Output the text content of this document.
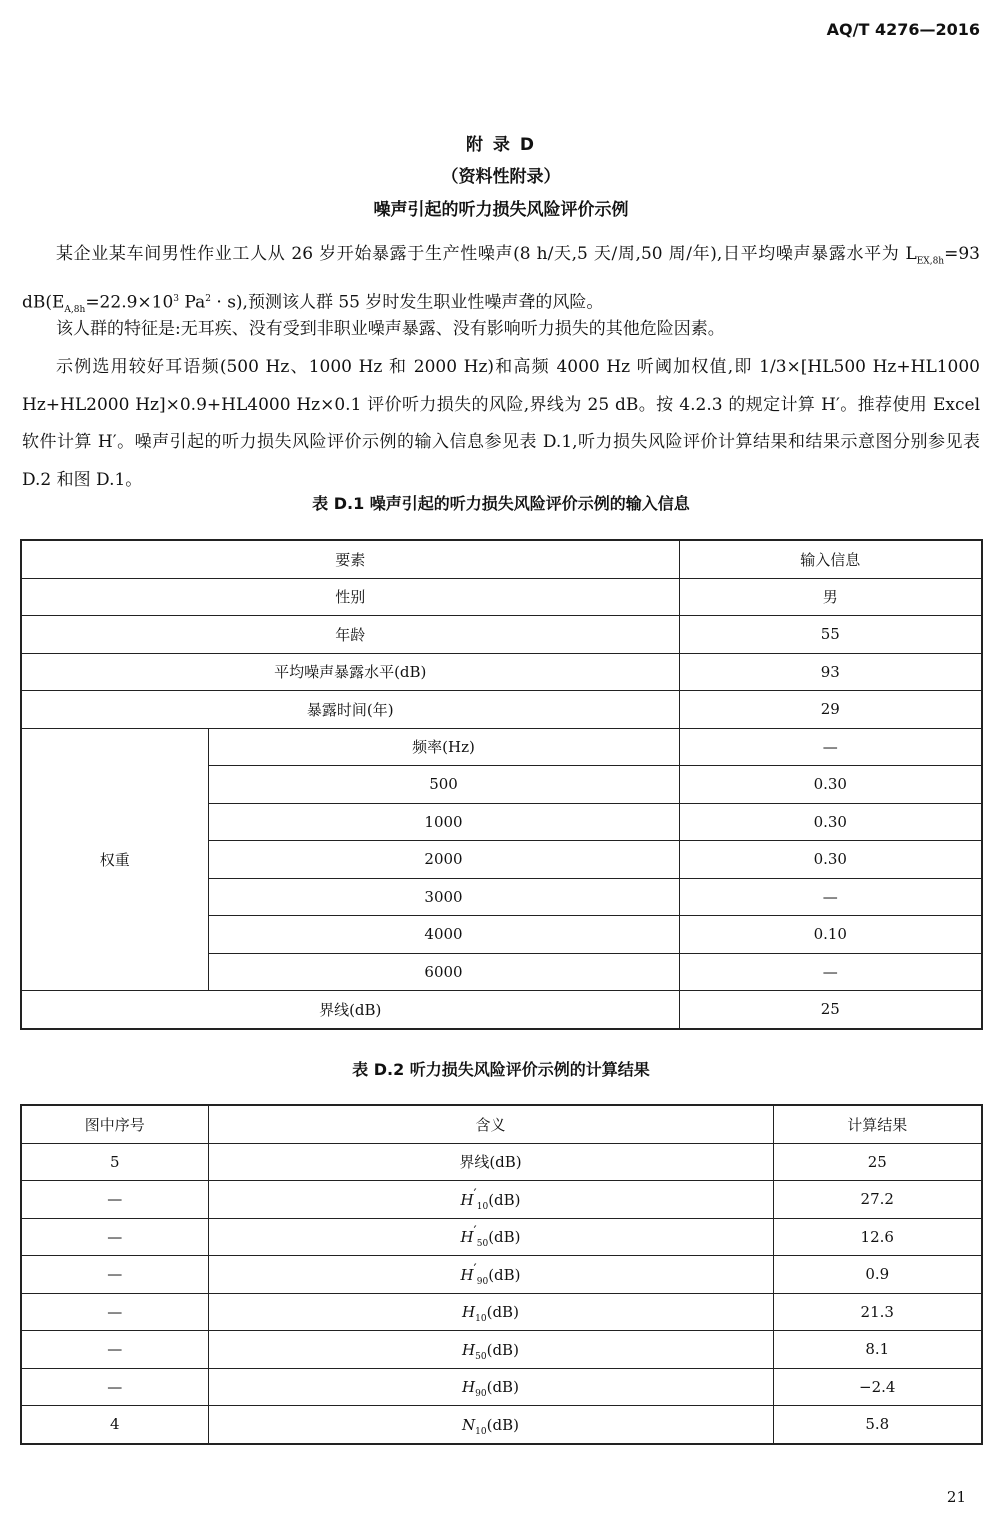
AQ/T 4276—2016
附 录 D
（资料性附录）
噪声引起的听力损失风险评价示例
某企业某车间男性作业工人从 26 岁开始暴露于生产性噪声(8 h/天,5 天/周,50 周/年),日平均噪声暴露水平为 $L_{EX,8h}=93$ $dB(E_{A,8h}=22.9\times 10^3$ $Pa^2 \cdot s$),预测该人群 55 岁时发生职业性噪声聋的风险。
该人群的特征是:无耳疾、没有受到非职业噪声暴露、没有影响听力损失的其他危险因素。
示例选用较好耳语频(500 Hz、1000 Hz 和 2000 Hz)和高频 4000 Hz 听阈加权值,即 1/3×[HL500 Hz+HL1000 Hz+HL2000 Hz]×0.9+HL4000 Hz×0.1 评价听力损失的风险,界线为 25 dB。按 4.2.3 的规定计算 H′。推荐使用 Excel 软件计算 H′。噪声引起的听力损失风险评价示例的输入信息参见表 D.1,听力损失风险评价计算结果和结果示意图分别参见表 D.2 和图 D.1。
表 D.1 噪声引起的听力损失风险评价示例的输入信息
要素		输入信息
性别		男
年龄		55
平均噪声暴露水平(dB)		93
暴露时间(年)		29
权重	频率(Hz)	—
	500	0.30
	1000	0.30
	2000	0.30
	3000	—
	4000	0.10
	6000	—
界线(dB)		25
表 D.2 听力损失风险评价示例的计算结果
图中序号	含义	计算结果
5	界线(dB)	25
—	$H'_{10}(dB)$	27.2
—	$H'_{50}(dB)$	12.6
—	$H'_{90}(dB)$	0.9
—	$H_{10}(dB)$	21.3
—	$H_{50}(dB)$	8.1
—	$H_{90}(dB)$	−2.4
4	$N_{10}(dB)$	5.8
21
